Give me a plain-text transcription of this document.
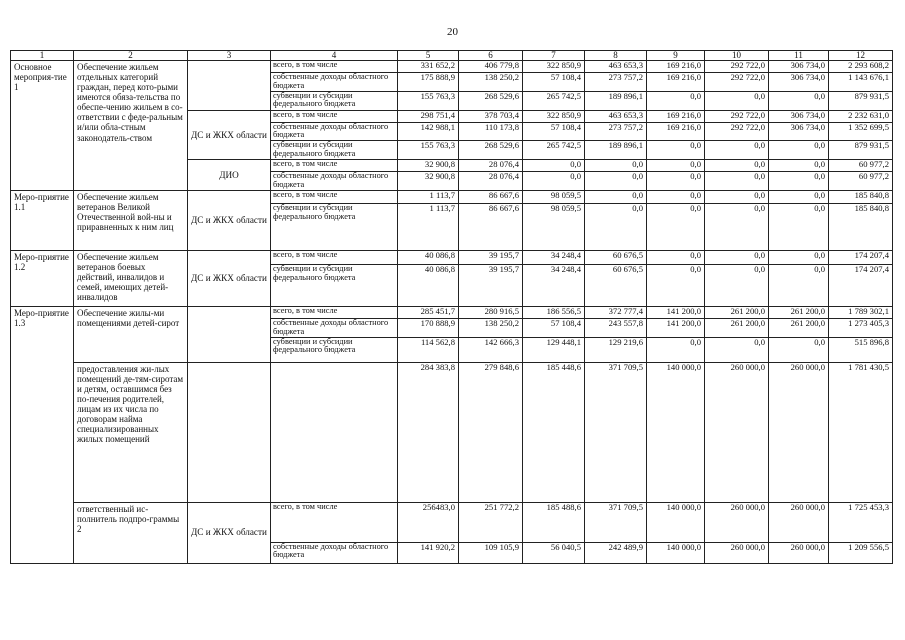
20
1	2	3	4	5	6	7	8	9	10	11	12
Основное мероприя-тие 1	Обеспечение жильем отдельных категорий граждан, перед кото-рыми имеются обяза-тельства по обеспе-чению жильем в со-ответствии с феде-ральным и/или обла-стным законодатель-ством		всего, в том числе	331 652,2	406 779,8	322 850,9	463 653,3	169 216,0	292 722,0	306 734,0	2 293 608,2
			собственные доходы областного бюджета	175 888,9	138 250,2	57 108,4	273 757,2	169 216,0	292 722,0	306 734,0	1 143 676,1
			субвенции и субсидии федерального бюджета	155 763,3	268 529,6	265 742,5	189 896,1	0,0	0,0	0,0	879 931,5
		ДС и ЖКХ области	всего, в том числе	298 751,4	378 703,4	322 850,9	463 653,3	169 216,0	292 722,0	306 734,0	2 232 631,0
			собственные доходы областного бюджета	142 988,1	110 173,8	57 108,4	273 757,2	169 216,0	292 722,0	306 734,0	1 352 699,5
			субвенции и субсидии федерального бюджета	155 763,3	268 529,6	265 742,5	189 896,1	0,0	0,0	0,0	879 931,5
		ДИО	всего, в том числе	32 900,8	28 076,4	0,0	0,0	0,0	0,0	0,0	60 977,2
			собственные доходы областного бюджета	32 900,8	28 076,4	0,0	0,0	0,0	0,0	0,0	60 977,2
Меро-приятие 1.1	Обеспечение жильем ветеранов Великой Отечественной вой-ны и приравненных к ним лиц	ДС и ЖКХ области	всего, в том числе	1 113,7	86 667,6	98 059,5	0,0	0,0	0,0	0,0	185 840,8
			субвенции и субсидии федерального бюджета	1 113,7	86 667,6	98 059,5	0,0	0,0	0,0	0,0	185 840,8
Меро-приятие 1.2	Обеспечение жильем ветеранов боевых действий, инвалидов и семей, имеющих детей-инвалидов	ДС и ЖКХ области	всего, в том числе	40 086,8	39 195,7	34 248,4	60 676,5	0,0	0,0	0,0	174 207,4
			субвенции и субсидии федерального бюджета	40 086,8	39 195,7	34 248,4	60 676,5	0,0	0,0	0,0	174 207,4
Меро-приятие 1.3	Обеспечение жилы-ми помещениями детей-сирот		всего, в том числе	285 451,7	280 916,5	186 556,5	372 777,4	141 200,0	261 200,0	261 200,0	1 789 302,1
			собственные доходы областного бюджета	170 888,9	138 250,2	57 108,4	243 557,8	141 200,0	261 200,0	261 200,0	1 273 405,3
			субвенции и субсидии федерального бюджета	114 562,8	142 666,3	129 448,1	129 219,6	0,0	0,0	0,0	515 896,8
	предоставления жи-лых помещений де-тям-сиротам и детям, оставшимся без по-печения родителей, лицам из их числа по договорам найма специализированных жилых помещений			284 383,8	279 848,6	185 448,6	371 709,5	140 000,0	260 000,0	260 000,0	1 781 430,5
	ответственный ис-полнитель подпро-граммы 2	ДС и ЖКХ области	всего, в том числе	256483,0	251 772,2	185 488,6	371 709,5	140 000,0	260 000,0	260 000,0	1 725 453,3
			собственные доходы областного бюджета	141 920,2	109 105,9	56 040,5	242 489,9	140 000,0	260 000,0	260 000,0	1 209 556,5
